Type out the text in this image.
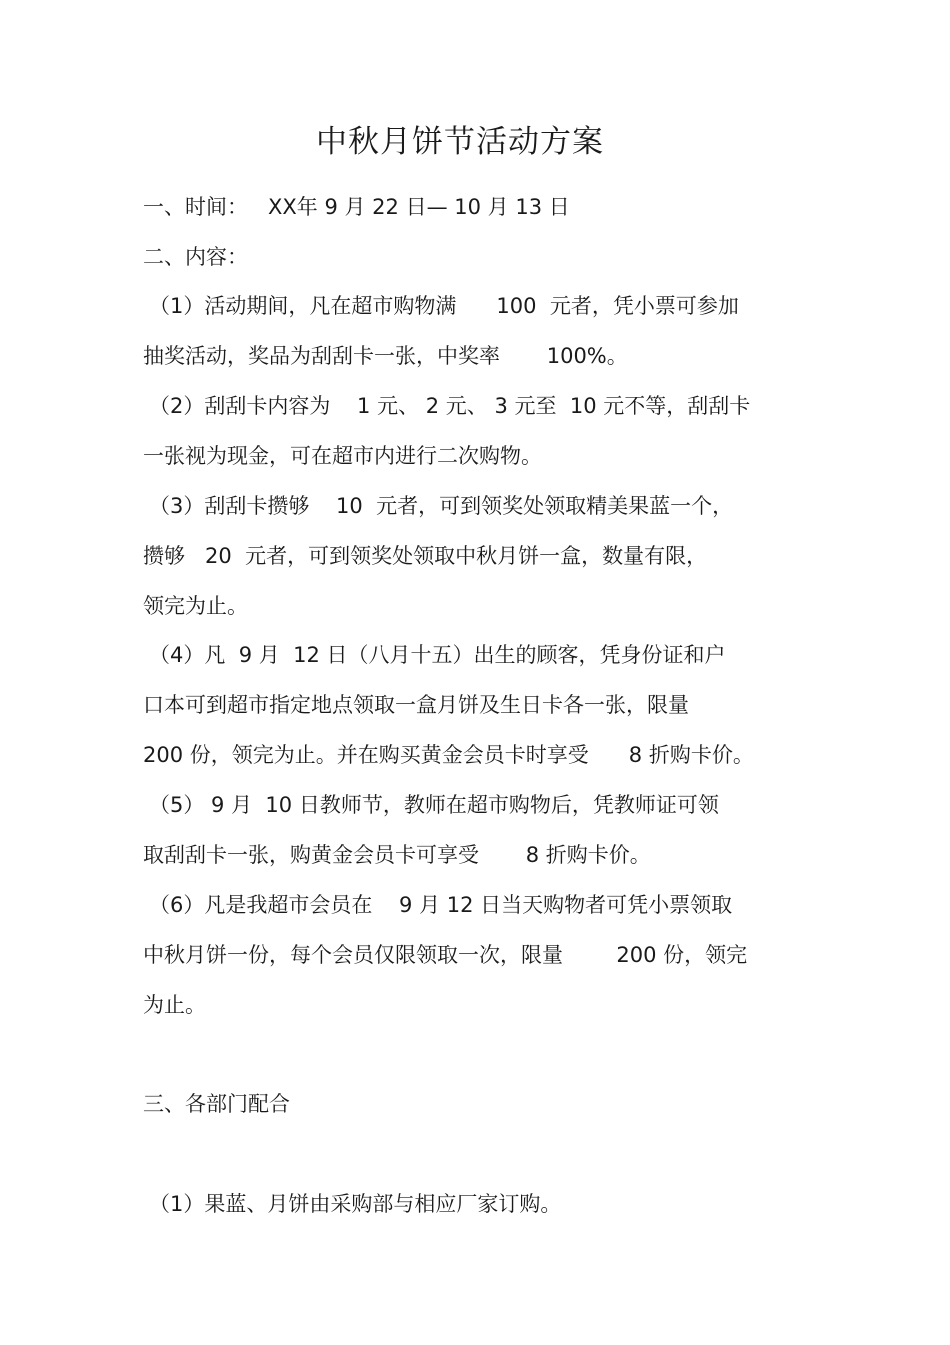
中秋月饼节活动方案
一、时间：   XX年 9 月 22 日— 10 月 13 日
二、内容：
（1）活动期间，凡在超市购物满      100  元者，凭小票可参加
抽奖活动，奖品为刮刮卡一张，中奖率       100%。
（2）刮刮卡内容为    1 元、 2 元、 3 元至  10 元不等，刮刮卡
一张视为现金，可在超市内进行二次购物。
（3）刮刮卡攒够    10  元者，可到领奖处领取精美果蓝一个，
攒够   20  元者，可到领奖处领取中秋月饼一盒，数量有限，
领完为止。
（4）凡  9 月  12 日（八月十五）出生的顾客，凭身份证和户
口本可到超市指定地点领取一盒月饼及生日卡各一张，限量
200 份，领完为止。并在购买黄金会员卡时享受      8 折购卡价。
（5） 9 月  10 日教师节，教师在超市购物后，凭教师证可领
取刮刮卡一张，购黄金会员卡可享受       8 折购卡价。
（6）凡是我超市会员在    9 月 12 日当天购物者可凭小票领取
中秋月饼一份，每个会员仅限领取一次，限量        200 份，领完
为止。
三、各部门配合
（1）果蓝、月饼由采购部与相应厂家订购。
